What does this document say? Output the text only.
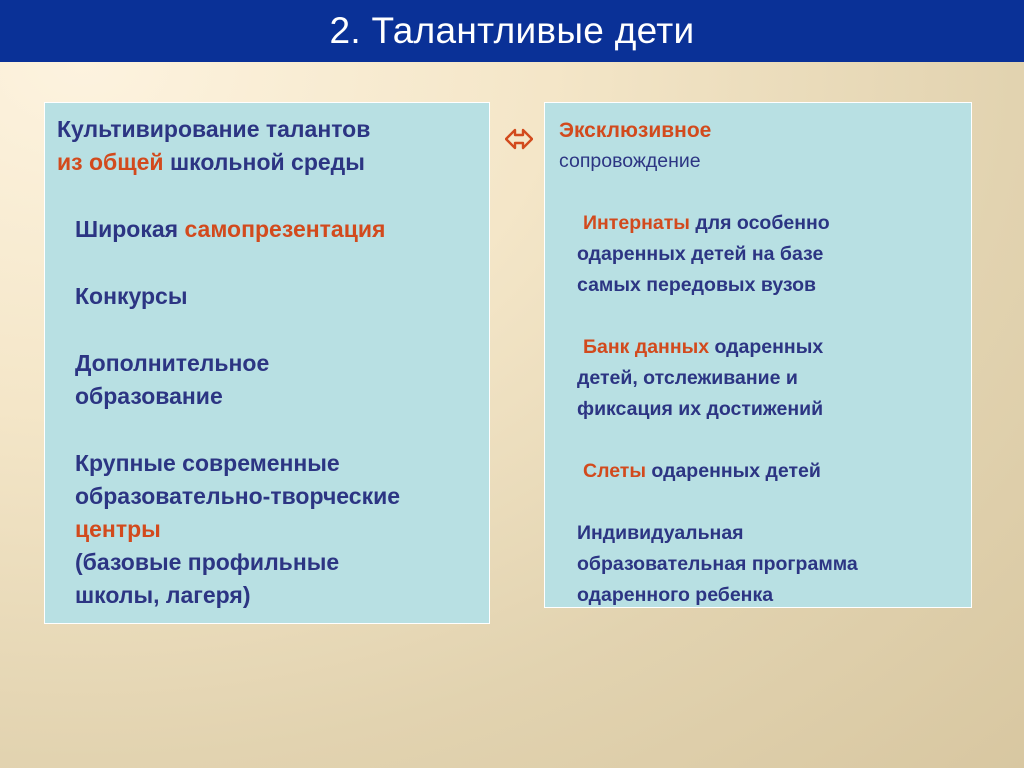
2. Талантливые дети
Культивирование талантов
из общей школьной среды
Широкая самопрезентация
Конкурсы
Дополнительное
образование
Крупные современные
образовательно-творческие
центры
(базовые профильные
школы, лагеря)
Эксклюзивное
сопровождение
Интернаты для особенно
одаренных детей на базе
самых передовых вузов
Банк данных одаренных
детей, отслеживание и
фиксация их достижений
Слеты одаренных детей
Индивидуальная
образовательная программа
одаренного ребенка
